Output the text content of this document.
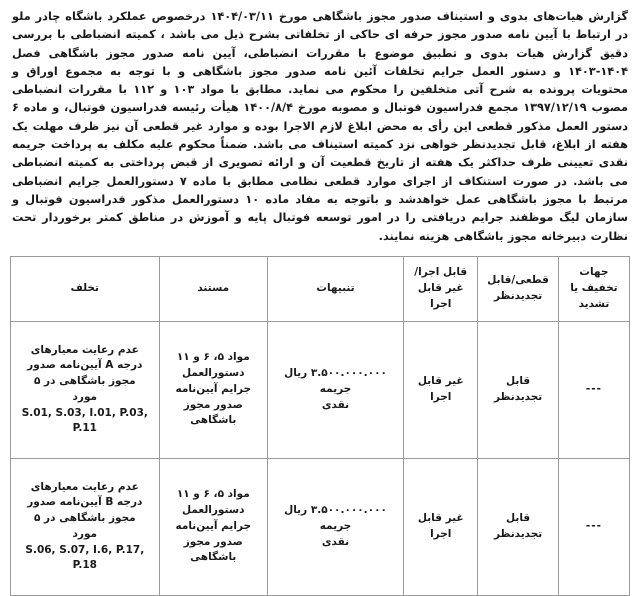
گزارش هیات‌های بدوی و استیناف صدور مجوز باشگاهی مورخ ۱۴۰۴/۰۳/۱۱ درخصوص عملکرد باشگاه چادر ملو در ارتباط با آیین نامه صدور مجوز حرفه ای حاکی از تخلفاتی بشرح ذیل می باشد ، کمیته انضباطی با بررسی دقیق گزارش هیات بدوی و تطبیق موضوع با مقررات انضباطی، آیین نامه صدور مجوز باشگاهی فصل ۱۴۰۴-۱۴۰۳ و دستور العمل جرایم تخلفات آئین نامه صدور مجوز باشگاهی و با توجه به مجموع اوراق و محتویات پرونده به شرح آتی متخلفین را محکوم می نماید. مطابق با مواد ۱۰۳ و ۱۱۲ با مقررات انضباطی مصوب ۱۳۹۷/۱۲/۱۹ مجمع فدراسیون فوتبال و مصوبه مورخ ۱۴۰۰/۸/۴ هیأت رئیسه فدراسیون فوتبال، و ماده ۶ دستور العمل مذکور قطعی این رأی به محض ابلاغ لازم الاجرا بوده و موارد غیر قطعی آن نیز ظرف مهلت یک هفته از ابلاغ، قابل تجدیدنظر خواهی نزد کمیته استیناف می باشد. ضمناً محکوم علیه مکلف به پرداخت جریمه نقدی تعیینی ظرف حداکثر یک هفته از تاریخ قطعیت آن و ارائه تصویری از قبض پرداختی به کمیته انضباطی می باشد. در صورت استنکاف از اجرای موارد قطعی نظامی مطابق با ماده ۷ دستورالعمل جرایم انضباطی مرتبط با مجوز باشگاهی عمل خواهدشد و باتوجه به مفاد ماده ۱۰ دستورالعمل مذکور فدراسیون فوتبال و سازمان لیگ موظفند جرایم دریافتی را در امور توسعه فوتبال پایه و آموزش در مناطق کمتر برخوردار تحت نظارت دبیرخانه مجوز باشگاهی هزینه نمایند.

جهات تخفیف یا تشدید	قطعی/قابل تجدیدنظر	قابل اجرا/غیر قابل اجرا	تنبیهات	مستند	تخلف
---	قابل تجدیدنظر	غیر قابل اجرا	۳.۵۰۰.۰۰۰.۰۰۰ ریال جریمه
نقدی	مواد ۵، ۶ و ۱۱
دستورالعمل
جرایم آیین‌نامه
صدور مجوز
باشگاهی	عدم رعایت معیارهای
درجه A آیین‌نامه صدور
مجوز باشگاهی در ۵
مورد
S.01, S.03, I.01, P.03, P.11

---	قابل تجدیدنظر	غیر قابل اجرا	۳.۵۰۰.۰۰۰.۰۰۰ ریال جریمه
نقدی	مواد ۵، ۶ و ۱۱
دستورالعمل
جرایم آیین‌نامه
صدور مجوز
باشگاهی	عدم رعایت معیارهای
درجه B آیین‌نامه صدور
مجوز باشگاهی در ۵
مورد
S.06, S.07, I.6, P.17, P.18
